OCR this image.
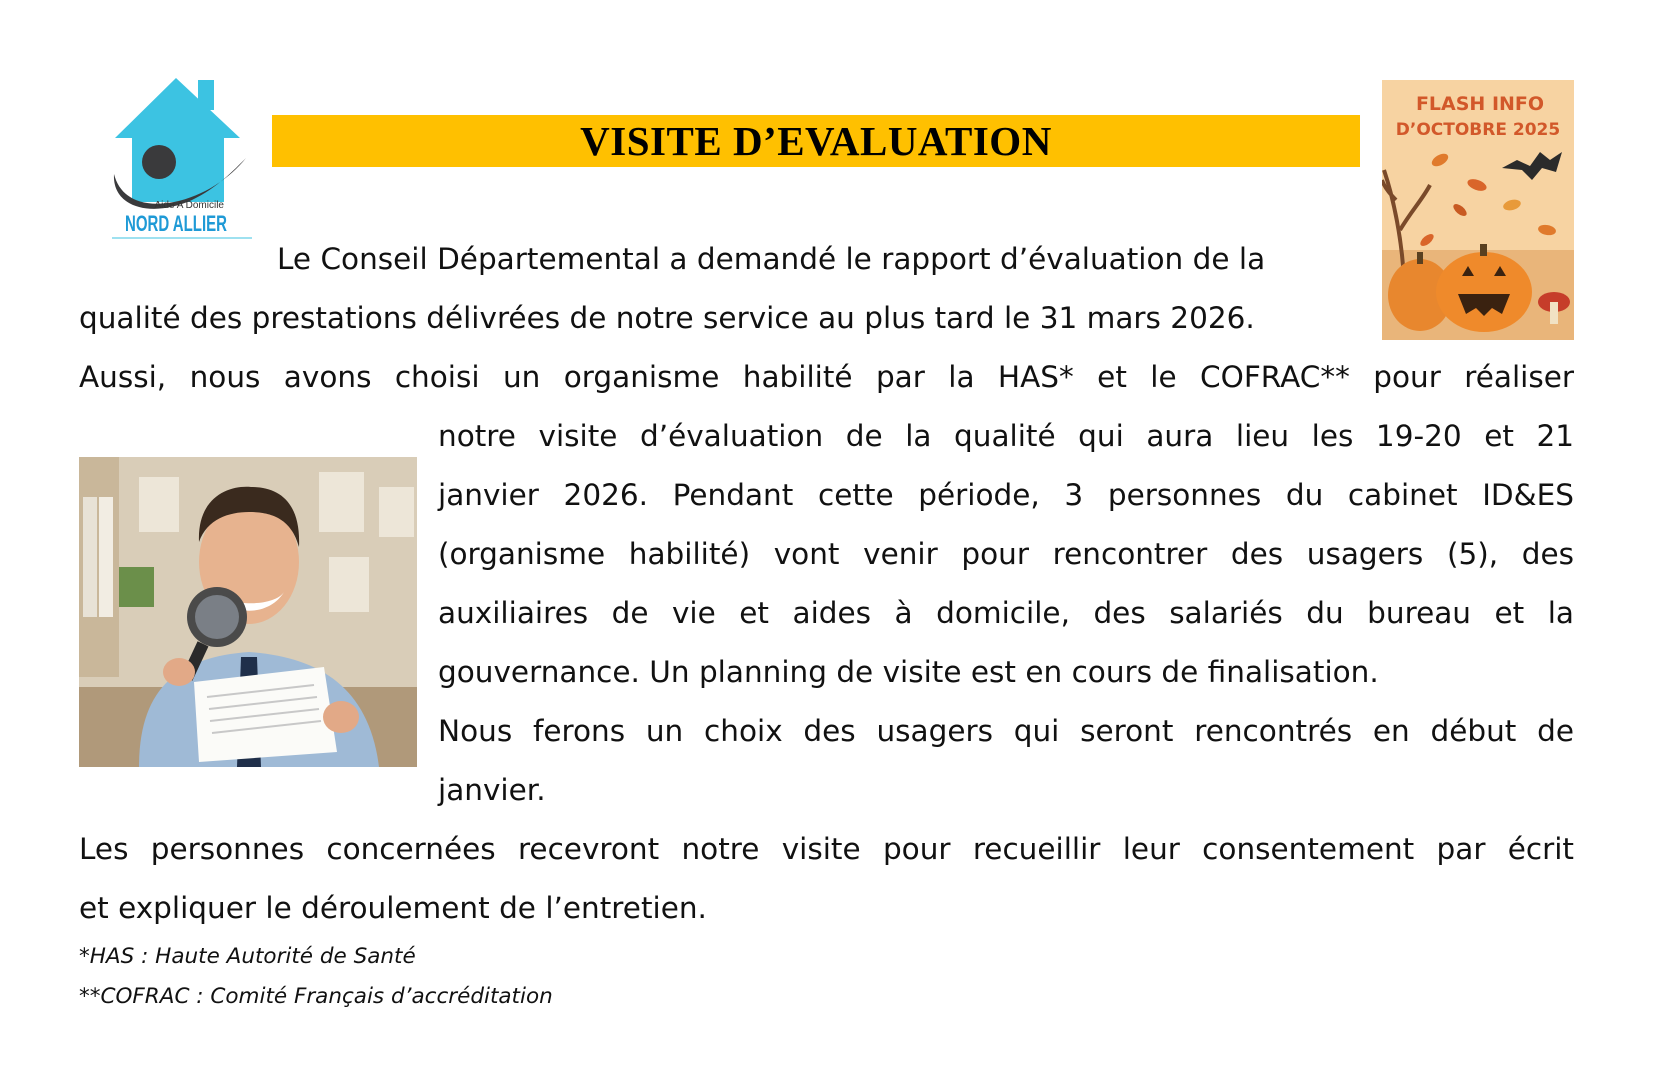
Aide A Domicile
NORD ALLIER
VISITE D’EVALUATION
FLASH INFO
D’OCTOBRE 2025
Le Conseil Départemental a demandé le rapport d’évaluation de la
qualité des prestations délivrées de notre service au plus tard le 31 mars 2026.
Aussi, nous avons choisi un organisme habilité par la HAS* et le COFRAC** pour réaliser
notre visite d’évaluation de la qualité qui aura lieu les 19-20 et 21
janvier 2026. Pendant cette période, 3 personnes du cabinet ID&ES
(organisme habilité) vont venir pour rencontrer des usagers (5), des
auxiliaires de vie et aides à domicile, des salariés du bureau et la
gouvernance. Un planning de visite est en cours de finalisation.
Nous ferons un choix des usagers qui seront rencontrés en début de
janvier.
Les personnes concernées recevront notre visite pour recueillir leur consentement par écrit
et expliquer le déroulement de l’entretien.
*HAS : Haute Autorité de Santé
**COFRAC : Comité Français d’accréditation
